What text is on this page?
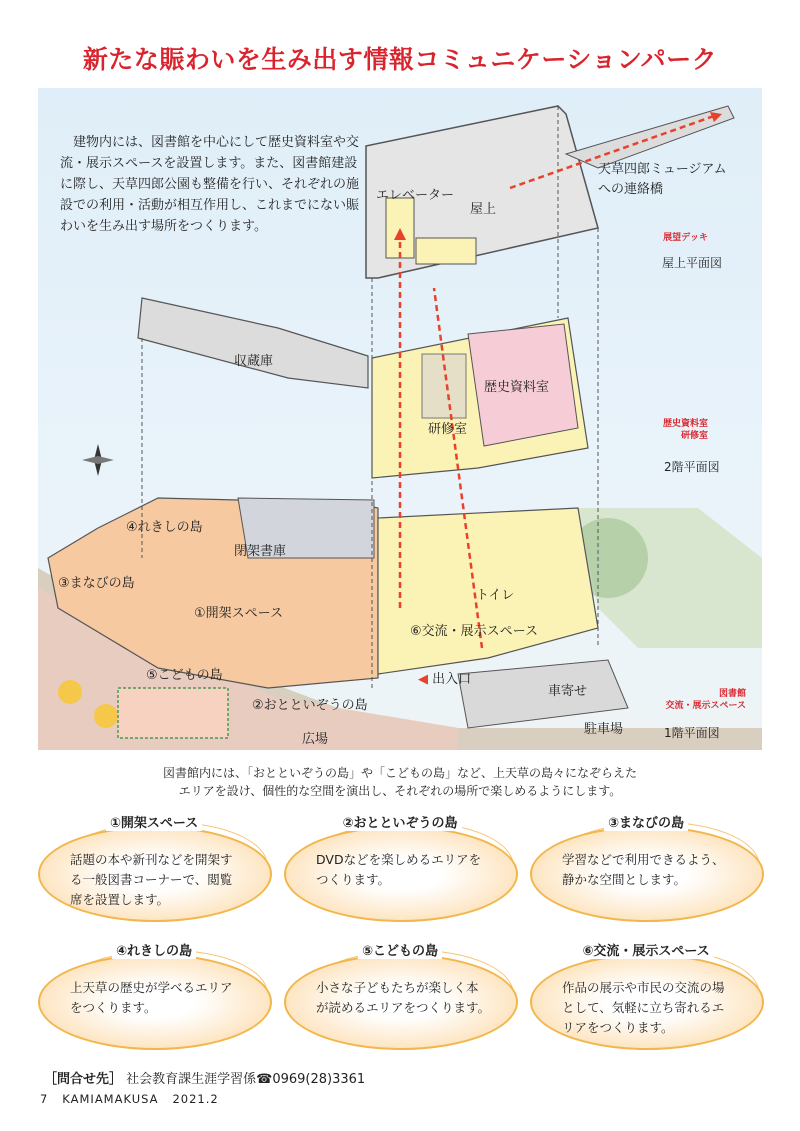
新たな賑わいを生み出す情報コミュニケーションパーク
エレベーター
屋上
天草四郎ミュージアム
への連絡橋
収蔵庫
歴史資料室
研修室
閉架書庫
④れきしの島
③まなびの島
①開架スペース
⑤こどもの島
②おとといぞうの島
トイレ
⑥交流・展示スペース
◀ 出入口
車寄せ
駐車場
広場
展望デッキ
屋上平面図
歴史資料室
研修室
2階平面図
図書館
交流・展示スペース
1階平面図
建物内には、図書館を中心にして歴史資料室や交流・展示スペースを設置します。また、図書館建設に際し、天草四郎公園も整備を行い、それぞれの施設での利用・活動が相互作用し、これまでにない賑わいを生み出す場所をつくります。
図書館内には、「おとといぞうの島」や「こどもの島」など、上天草の島々になぞらえた
エリアを設け、個性的な空間を演出し、それぞれの場所で楽しめるようにします。
①開架スペース
話題の本や新刊などを開架する一般図書コーナーで、閲覧席を設置します。
②おとといぞうの島
DVDなどを楽しめるエリアをつくります。
③まなびの島
学習などで利用できるよう、静かな空間とします。
④れきしの島
上天草の歴史が学べるエリアをつくります。
⑤こどもの島
小さな子どもたちが楽しく本が読めるエリアをつくります。
⑥交流・展示スペース
作品の展示や市民の交流の場として、気軽に立ち寄れるエリアをつくります。
［問合せ先］ 社会教育課生涯学習係☎0969(28)3361
7 KAMIAMAKUSA 2021.2
